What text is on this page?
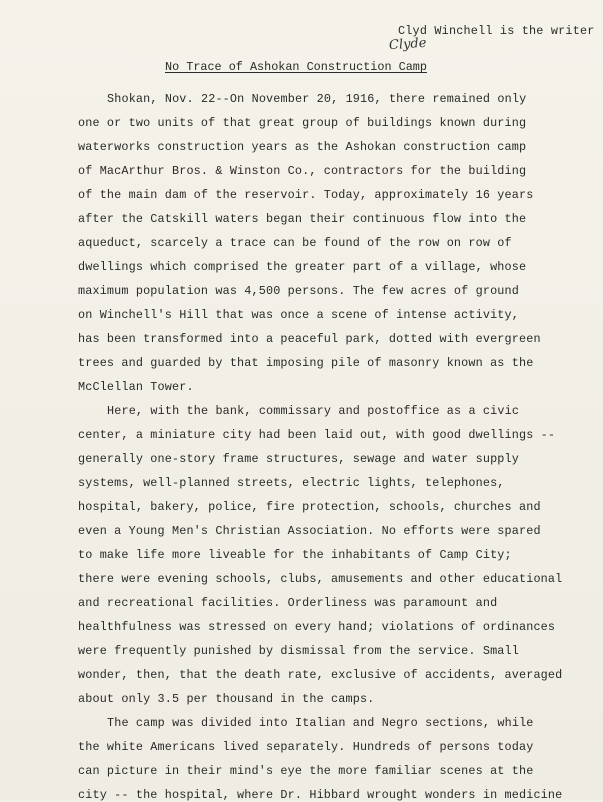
Clyd Winchell is the writer
Clyde
No Trace of Ashokan Construction Camp
Shokan, Nov. 22--On November 20, 1916, there remained only
one or two units of that great group of buildings known during
waterworks construction years as the Ashokan construction camp
of MacArthur Bros. & Winston Co., contractors for the building
of the main dam of the reservoir. Today, approximately 16 years
after the Catskill waters began their continuous flow into the
aqueduct, scarcely a trace can be found of the row on row of
dwellings which comprised the greater part of a village, whose
maximum population was 4,500 persons. The few acres of ground
on Winchell's Hill that was once a scene of intense activity,
has been transformed into a peaceful park, dotted with evergreen
trees and guarded by that imposing pile of masonry known as the
McClellan Tower.
Here, with the bank, commissary and postoffice as a civic
center, a miniature city had been laid out, with good dwellings --
generally one-story frame structures, sewage and water supply
systems, well-planned streets, electric lights, telephones,
hospital, bakery, police, fire protection, schools, churches and
even a Young Men's Christian Association. No efforts were spared
to make life more liveable for the inhabitants of Camp City;
there were evening schools, clubs, amusements and other educational
and recreational facilities. Orderliness was paramount and
healthfulness was stressed on every hand; violations of ordinances
were frequently punished by dismissal from the service. Small
wonder, then, that the death rate, exclusive of accidents, averaged
about only 3.5 per thousand in the camps.
The camp was divided into Italian and Negro sections, while
the white Americans lived separately. Hundreds of persons today
can picture in their mind's eye the more familiar scenes at the
city -- the hospital, where Dr. Hibbard wrought wonders in medicine
